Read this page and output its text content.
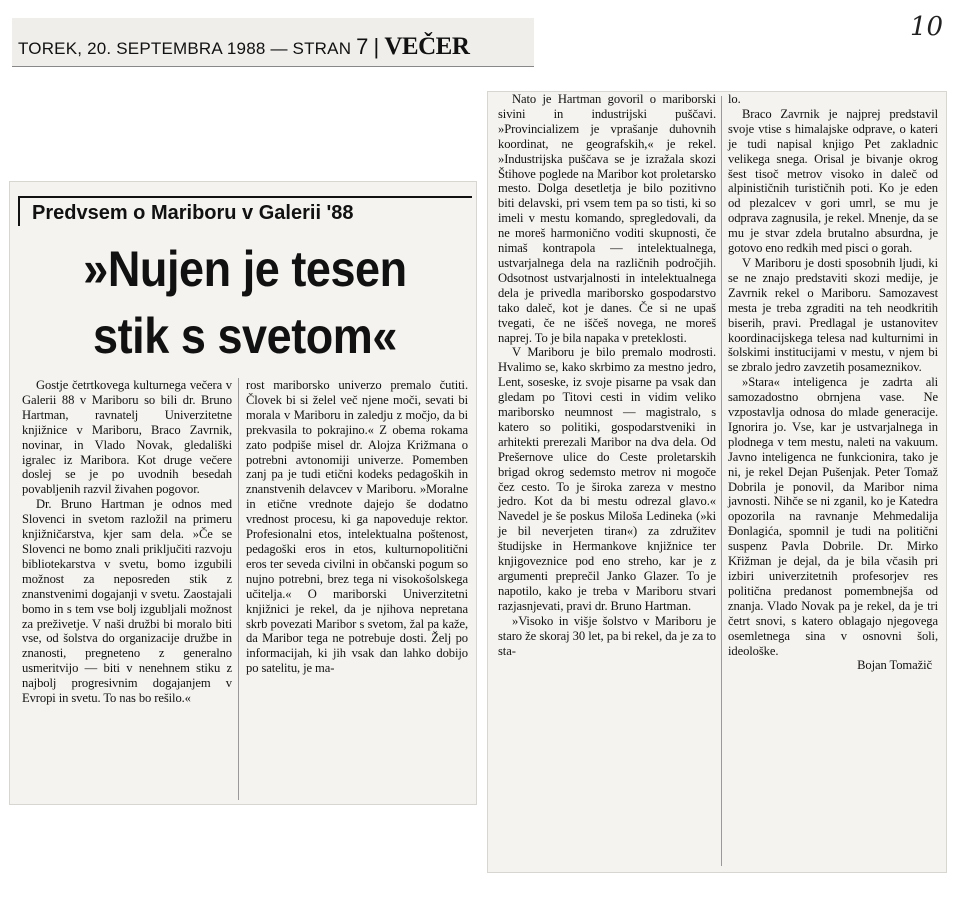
TOREK, 20. SEPTEMBRA 1988 — STRAN 7 | VEČER
10
Predvsem o Mariboru v Galerii '88
»Nujen je tesen
stik s svetom«

Gostje četrtkovega kulturnega večera v Galerii 88 v Mariboru so bili dr. Bruno Hartman, ravnatelj Univerzitetne knjižnice v Mariboru, Braco Zavrnik, novinar, in Vlado Novak, gledališki igralec iz Maribora. Kot druge večere doslej se je po uvodnih besedah povabljenih razvil živahen pogovor.

Dr. Bruno Hartman je odnos med Slovenci in svetom razložil na primeru knjižničarstva, kjer sam dela. »Če se Slovenci ne bomo znali priključiti razvoju bibliotekarstva v svetu, bomo izgubili možnost za neposreden stik z znanstvenimi dogajanji v svetu. Zaostajali bomo in s tem vse bolj izgubljali možnost za preživetje. V naši družbi bi moralo biti vse, od šolstva do organizacije družbe in znanosti, pregneteno z generalno usmeritvijo — biti v nenehnem stiku z najbolj progresivnim dogajanjem v Evropi in svetu. To nas bo rešilo.«

rost mariborsko univerzo premalo čutiti. Človek bi si želel več njene moči, sevati bi morala v Mariboru in zaledju z močjo, da bi prekvasila to pokrajino.« Z obema rokama zato podpiše misel dr. Alojza Križmana o potrebni avtonomiji univerze. Pomemben zanj pa je tudi etični kodeks pedagoških in znanstvenih delavcev v Mariboru. »Moralne in etične vrednote dajejo še dodatno vrednost procesu, ki ga napoveduje rektor. Profesionalni etos, intelektualna poštenost, pedagoški eros in etos, kulturnopolitični eros ter seveda civilni in občanski pogum so nujno potrebni, brez tega ni visokošolskega učitelja.« O mariborski Univerzitetni knjižnici je rekel, da je njihova nepretana skrb povezati Maribor s svetom, žal pa kaže, da Maribor tega ne potrebuje dosti. Želj po informacijah, ki jih vsak dan lahko dobijo po satelitu, je ma-

Nato je Hartman govoril o mariborski sivini in industrijski puščavi. »Provincializem je vprašanje duhovnih koordinat, ne geografskih,« je rekel. »Industrijska puščava se je izražala skozi Štihove poglede na Maribor kot proletarsko mesto. Dolga desetletja je bilo pozitivno biti delavski, pri vsem tem pa so tisti, ki so imeli v mestu komando, spregledovali, da ne moreš harmonično voditi skupnosti, če nimaš kontrapola — intelektualnega, ustvarjalnega dela na različnih področjih. Odsotnost ustvarjalnosti in intelektualnega dela je privedla mariborsko gospodarstvo tako daleč, kot je danes. Če si ne upaš tvegati, če ne iščeš novega, ne moreš naprej. To je bila napaka v preteklosti.

V Mariboru je bilo premalo modrosti. Hvalimo se, kako skrbimo za mestno jedro, Lent, soseske, iz svoje pisarne pa vsak dan gledam po Titovi cesti in vidim veliko mariborsko neumnost — magistralo, s katero so politiki, gospodarstveniki in arhitekti prerezali Maribor na dva dela. Od Prešernove ulice do Ceste proletarskih brigad okrog sedemsto metrov ni mogoče čez cesto. To je široka zareza v mestno jedro. Kot da bi mestu odrezal glavo.« Navedel je še poskus Miloša Ledineka (»ki je bil neverjeten tiran«) za združitev študijske in Hermankove knjižnice ter knjigoveznice pod eno streho, kar je z argumenti preprečil Janko Glazer. To je napotilo, kako je treba v Mariboru stvari razjasnjevati, pravi dr. Bruno Hartman.

»Visoko in višje šolstvo v Mariboru je staro že skoraj 30 let, pa bi rekel, da je za to sta-

lo.

Braco Zavrnik je najprej predstavil svoje vtise s himalajske odprave, o kateri je tudi napisal knjigo Pet zakladnic velikega snega. Orisal je bivanje okrog šest tisoč metrov visoko in daleč od alpinističnih turističnih poti. Ko je eden od plezalcev v gori umrl, se mu je odprava zagnusila, je rekel. Mnenje, da se mu je stvar zdela brutalno absurdna, je gotovo eno redkih med pisci o gorah.

V Mariboru je dosti sposobnih ljudi, ki se ne znajo predstaviti skozi medije, je Zavrnik rekel o Mariboru. Samozavest mesta je treba zgraditi na teh neodkritih biserih, pravi. Predlagal je ustanovitev koordinacijskega telesa nad kulturnimi in šolskimi institucijami v mestu, v njem bi se zbralo jedro zavzetih posameznikov.

»Stara« inteligenca je zadrta ali samozadostno obrnjena vase. Ne vzpostavlja odnosa do mlade generacije. Ignorira jo. Vse, kar je ustvarjalnega in plodnega v tem mestu, naleti na vakuum. Javno inteligenca ne funkcionira, tako je ni, je rekel Dejan Pušenjak. Peter Tomaž Dobrila je ponovil, da Maribor nima javnosti. Nihče se ni zganil, ko je Katedra opozorila na ravnanje Mehmedalija Đonlagića, spomnil je tudi na politični suspenz Pavla Dobrile. Dr. Mirko Křižman je dejal, da je bila včasih pri izbiri univerzitetnih profesorjev res politična predanost pomembnejša od znanja. Vlado Novak pa je rekel, da je tri četrt snovi, s katero oblagajo njegovega osemletnega sina v osnovni šoli, ideološke.

Bojan Tomažič
